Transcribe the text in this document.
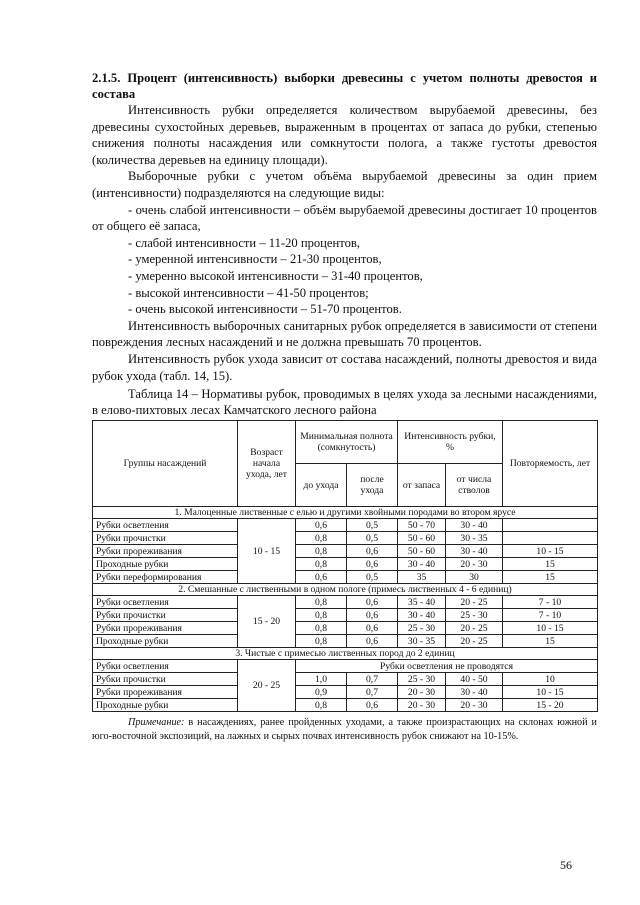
2.1.5. Процент (интенсивность) выборки древесины с учетом полноты древостоя и состава

Интенсивность рубки определяется количеством вырубаемой древесины, без древесины сухостойных деревьев, выраженным в процентах от запаса до рубки, степенью снижения полноты насаждения или сомкнутости полога, а также густоты древостоя (количества деревьев на единицу площади).

Выборочные рубки с учетом объёма вырубаемой древесины за один прием (интенсивности) подразделяются на следующие виды:

- очень слабой интенсивности – объём вырубаемой древесины достигает 10 процентов от общего её запаса,
- слабой интенсивности – 11-20 процентов,
- умеренной интенсивности – 21-30 процентов,
- умеренно высокой интенсивности – 31-40 процентов,
- высокой интенсивности – 41-50 процентов;
- очень высокой интенсивности – 51-70 процентов.

Интенсивность выборочных санитарных рубок определяется в зависимости от степени повреждения лесных насаждений и не должна превышать 70 процентов.

Интенсивность рубок ухода зависит от состава насаждений, полноты древостоя и вида рубок ухода (табл. 14, 15).

Таблица 14 – Нормативы рубок, проводимых в целях ухода за лесными насаждениями, в елово-пихтовых лесах Камчатского лесного района

Группы насаждений	Возраст начала ухода, лет	Минимальная полнота (сомкнутость)		Интенсивность рубки, %		Повторяемость, лет
		до ухода	после ухода	от запаса	от числа стволов	
1. Малоценные лиственные с елью и другими хвойными породами во втором ярусе						
Рубки осветления	10 - 15	0,6	0,5	50 - 70	30 - 40	
Рубки прочистки		0,8	0,5	50 - 60	30 - 35	
Рубки прореживания		0,8	0,6	50 - 60	30 - 40	10 - 15
Проходные рубки		0,8	0,6	30 - 40	20 - 30	15
Рубки переформирования		0,6	0,5	35	30	15
2. Смешанные с лиственными в одном пологе (примесь лиственных 4 - 6 единиц)						
Рубки осветления	15 - 20	0,8	0,6	35 - 40	20 - 25	7 - 10
Рубки прочистки		0,8	0,6	30 - 40	25 - 30	7 - 10
Рубки прореживания		0,8	0,6	25 - 30	20 - 25	10 - 15
Проходные рубки		0,8	0,6	30 - 35	20 - 25	15
3. Чистые с примесью лиственных пород до 2 единиц						
Рубки осветления	20 - 25	Рубки осветления не проводятся				
Рубки прочистки		1,0	0,7	25 - 30	40 - 50	10
Рубки прореживания		0,9	0,7	20 - 30	30 - 40	10 - 15
Проходные рубки		0,8	0,6	20 - 30	20 - 30	15 - 20

Примечание: в насаждениях, ранее пройденных уходами, а также произрастающих на склонах южной и юго-восточной экспозиций, на лажных и сырых почвах интенсивность рубок снижают на 10-15%.

56
